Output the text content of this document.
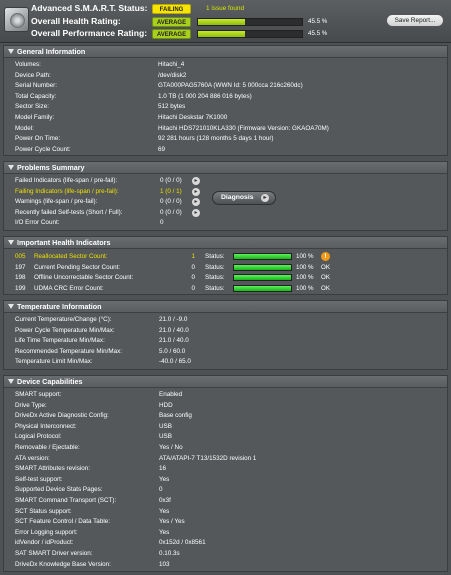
Advanced S.M.A.R.T. Status:	FAILING	1 issue found
Overall Health Rating:	AVERAGE	45.5 %
Overall Performance Rating:	AVERAGE	45.5 %
Save Report...
General Information
Volumes:	Hitachi_4
Device Path:	/dev/disk2
Serial Number:	GTA000PAG5760A (WWN Id: 5 000cca 216c260dc)
Total Capacity:	1.0 TB (1 000 204 886 016 bytes)
Sector Size:	512 bytes
Model Family:	Hitachi Deskstar 7K1000
Model:	Hitachi HDS721010KLA330 (Firmware Version: GKAOA70M)
Power On Time:	92 281 hours (128 months 5 days 1 hour)
Power Cycle Count:	69
Problems Summary
Failed Indicators (life-span / pre-fail):	0 (0 / 0)	▸
Failing Indicators (life-span / pre-fail):	1 (0 / 1)	▸
Warnings (life-span / pre-fail):	0 (0 / 0)	▸
Recently failed Self-tests (Short / Full):	0 (0 / 0)	▸
I/O Error Count:	0
Diagnosis	▸
Important Health Indicators
005 Reallocated Sector Count:	1 Status:	100 %	!
197 Current Pending Sector Count:	0 Status:	100 % OK
198 Offline Uncorrectable Sector Count:	0 Status:	100 % OK
199 UDMA CRC Error Count:	0 Status:	100 % OK
Temperature Information
Current Temperature/Change (°C):	21.0 / -9.0
Power Cycle Temperature Min/Max:	21.0 / 40.0
Life Time Temperature Min/Max:	21.0 / 40.0
Recommended Temperature Min/Max:	5.0 / 60.0
Temperature Limit Min/Max:	-40.0 / 65.0
Device Capabilities
SMART support:	Enabled
Drive Type:	HDD
DriveDx Active Diagnostic Config:	Base config
Physical Interconnect:	USB
Logical Protocol:	USB
Removable / Ejectable:	Yes / No
ATA version:	ATA/ATAPI-7 T13/1532D revision 1
SMART Attributes revision:	16
Self-test support:	Yes
Supported Device Stats Pages:	0
SMART Command Transport (SCT):	0x3f
SCT Status support:	Yes
SCT Feature Control / Data Table:	Yes / Yes
Error Logging support:	Yes
idVendor / idProduct:	0x152d / 0x8561
SAT SMART Driver version:	0.10.3s
DriveDx Knowledge Base Version:	103
